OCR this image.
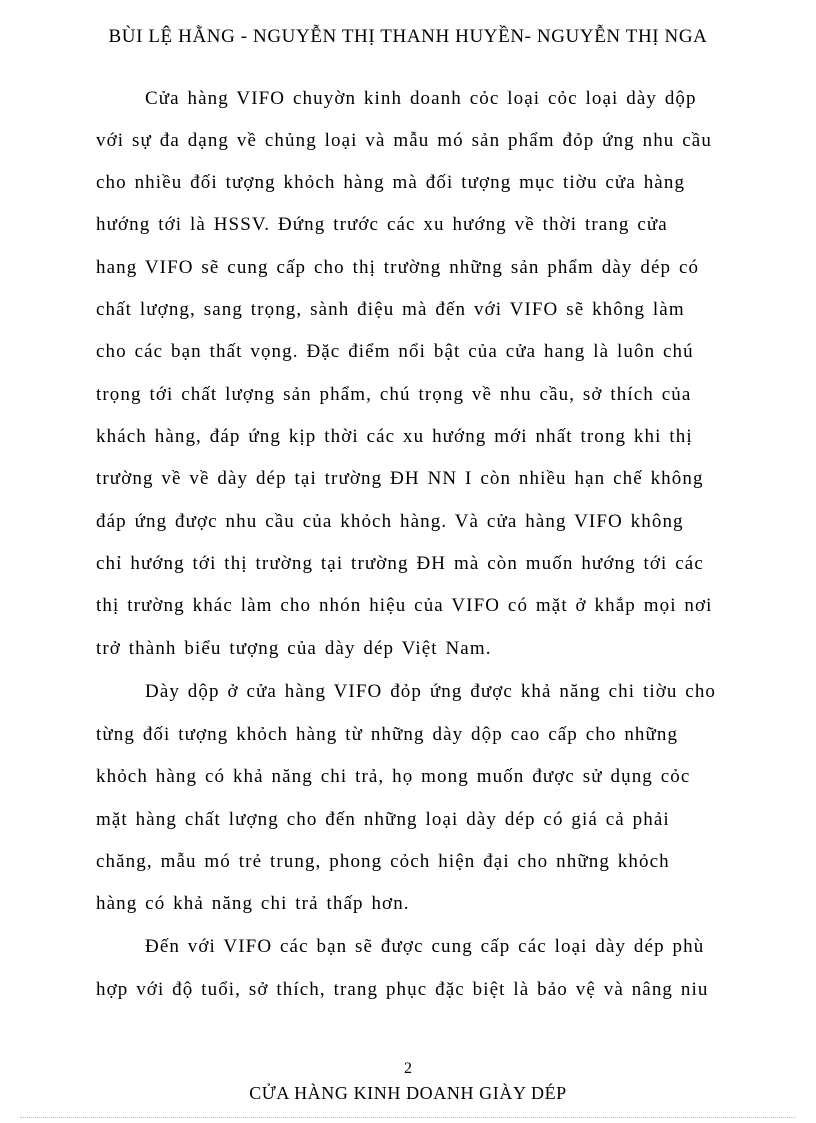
BÙI LỆ HẰNG - NGUYỄN THỊ THANH HUYỀN- NGUYỄN THỊ NGA
Cửa hàng VIFO chuyờn kinh doanh cỏc loại cỏc loại dày dộp
với sự đa dạng về chủng loại và mẫu mó sản phẩm đỏp ứng nhu cầu
cho nhiều đối tượng khỏch hàng mà đối tượng mục tiờu cửa hàng
hướng tới là HSSV. Đứng trước các xu hướng về thời trang cửa
hang VIFO sẽ cung cấp cho thị trường những sản phẩm dày dép có
chất lượng, sang trọng, sành điệu mà đến với VIFO sẽ không làm
cho các bạn thất vọng. Đặc điểm nổi bật của cửa hang là luôn chú
trọng tới chất lượng sản phẩm, chú trọng về nhu cầu, sở thích của
khách hàng, đáp ứng kịp thời các xu hướng mới nhất trong khi thị
trường về về dày dép tại trường ĐH NN I còn nhiều hạn chế không
đáp ứng được nhu cầu của khỏch hàng. Và cửa hàng VIFO không
chỉ hướng tới thị trường tại trường ĐH mà còn muốn hướng tới các
thị trường khác làm cho nhón hiệu của VIFO có mặt ở khắp mọi nơi
trở thành biểu tượng của dày dép Việt Nam.
Dày dộp ở cửa hàng VIFO đỏp ứng được khả năng chi tiờu cho
từng đối tượng khỏch hàng từ những dày dộp cao cấp cho những
khỏch hàng có khả năng chi trả, họ mong muốn được sử dụng cỏc
mặt hàng chất lượng cho đến những loại dày dép có giá cả phải
chăng, mẫu mó trẻ trung, phong cỏch hiện đại cho những khỏch
hàng có khả năng chi trả thấp hơn.
Đến với VIFO các bạn sẽ được cung cấp các loại dày dép phù
hợp với độ tuổi, sở thích, trang phục đặc biệt là bảo vệ và nâng niu
2
CỬA HÀNG KINH DOANH GIÀY DÉP
